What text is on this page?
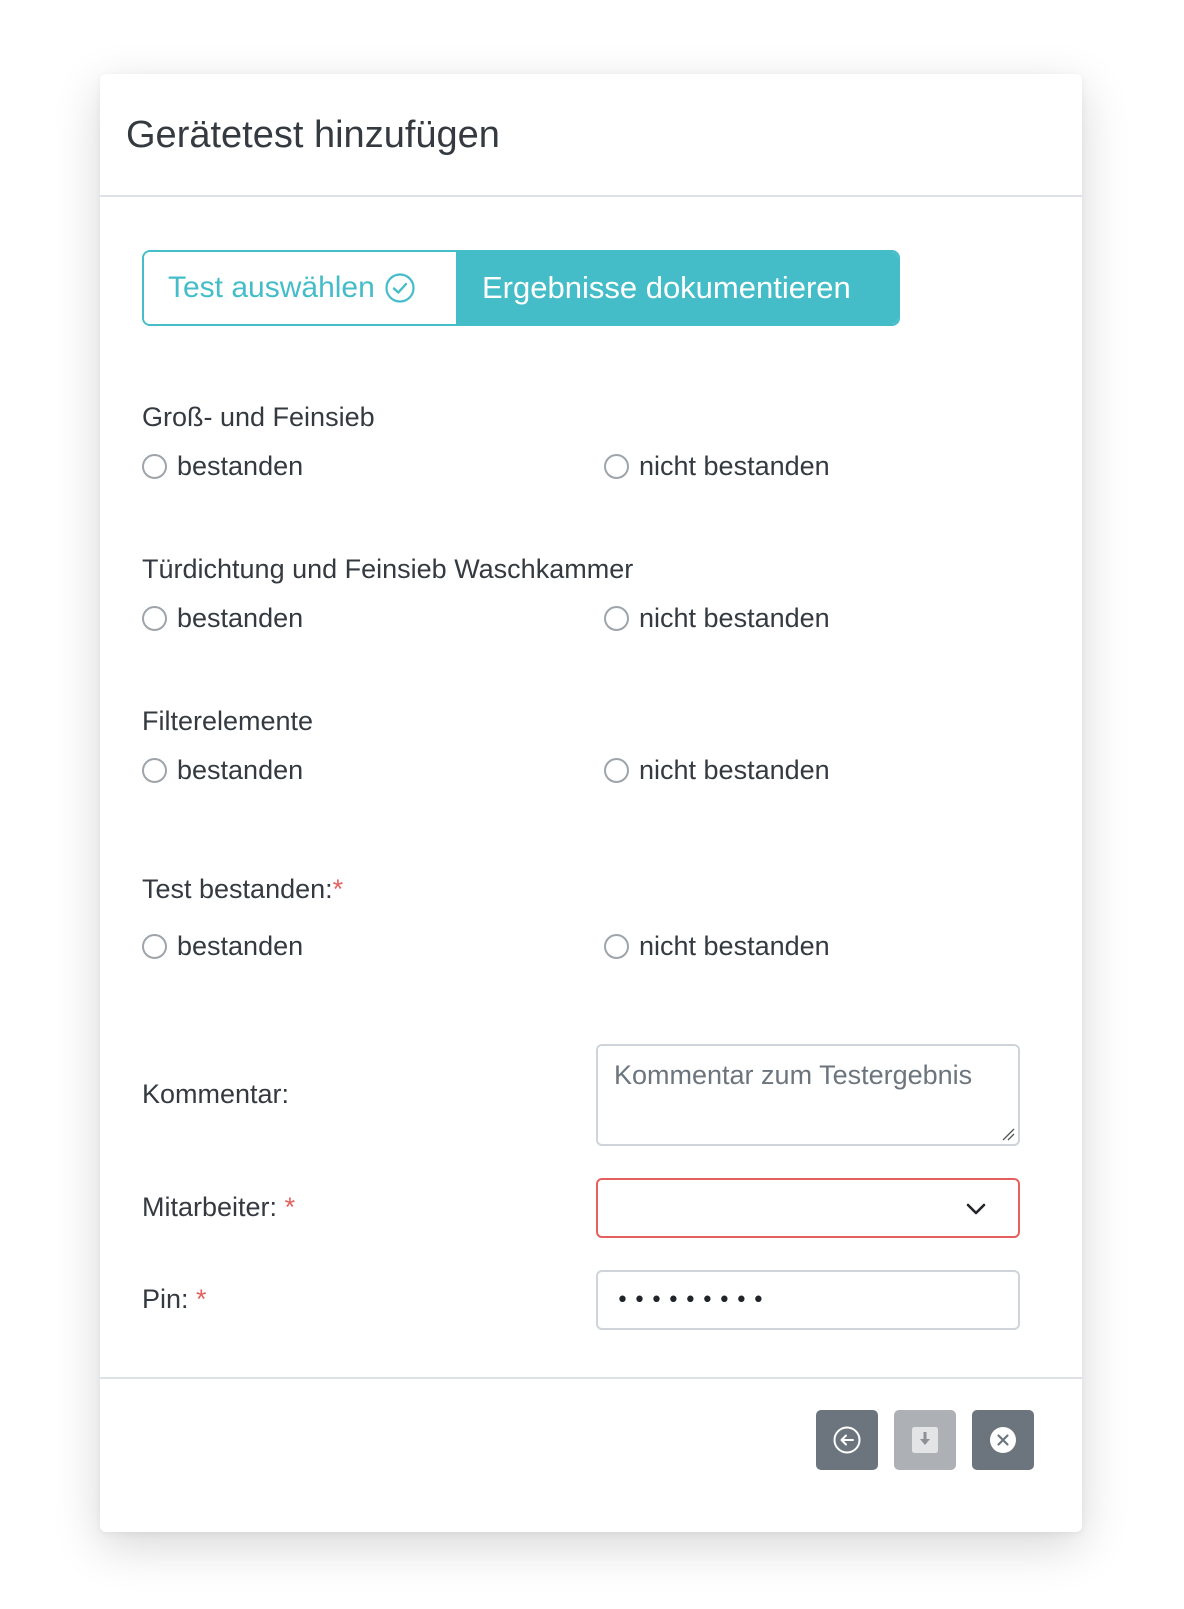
Gerätetest hinzufügen
Test auswählen	Ergebnisse dokumentieren

Groß- und Feinsieb

bestanden	nicht bestanden

Türdichtung und Feinsieb Waschkammer

bestanden	nicht bestanden

Filterelemente

bestanden	nicht bestanden

Test bestanden:*

bestanden	nicht bestanden
Kommentar:
Kommentar zum Testergebnis
Mitarbeiter: *
Pin: *	•••••••••
